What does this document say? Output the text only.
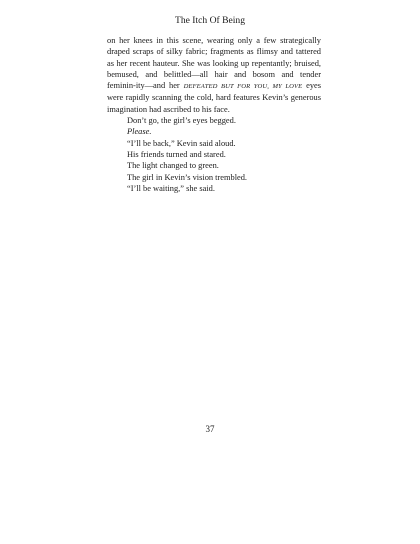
The Itch Of Being

on her knees in this scene, wearing only a few strategically draped scraps of silky fabric; fragments as flimsy and tattered as her recent hauteur. She was looking up repentantly; bruised, bemused, and belittled—all hair and bosom and tender feminin-ity—and her DEFEATED BUT FOR YOU, MY LOVE eyes were rapidly scanning the cold, hard features Kevin’s generous imagination had ascribed to his face.

Don’t go, the girl’s eyes begged.

Please.

“I’ll be back,” Kevin said aloud.

His friends turned and stared.

The light changed to green.

The girl in Kevin’s vision trembled.

“I’ll be waiting,” she said.

37
